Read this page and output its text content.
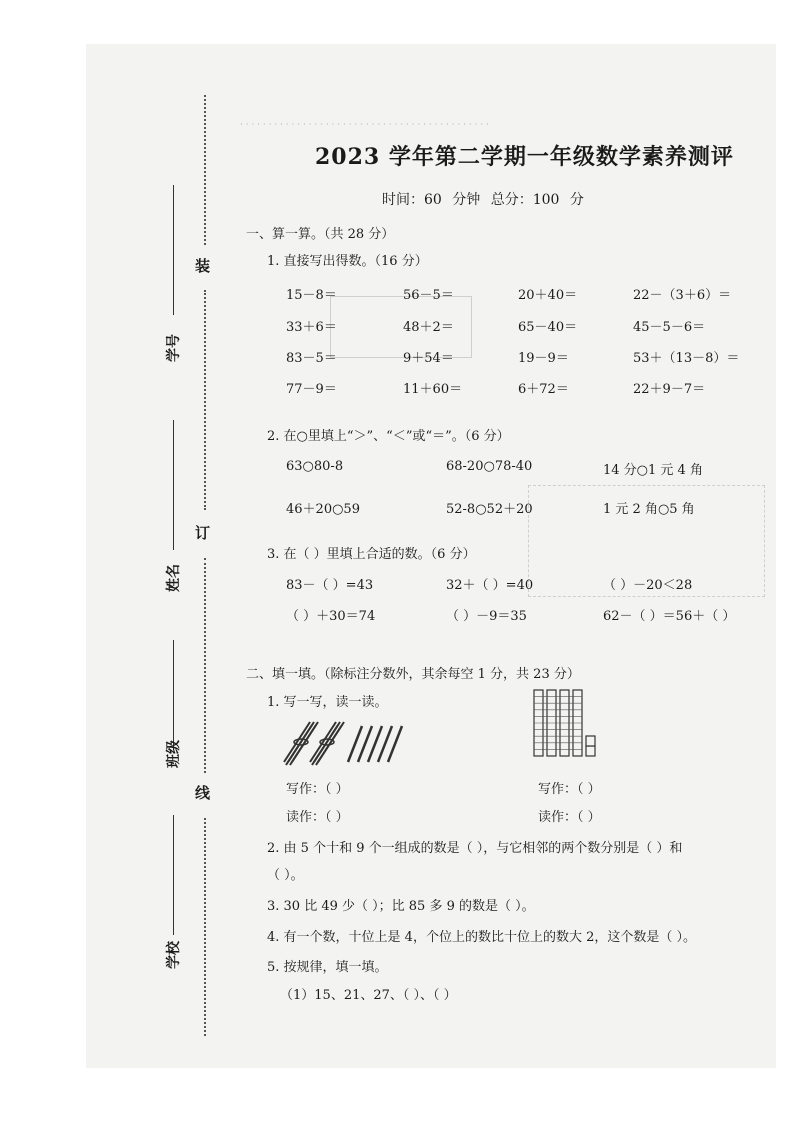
· · · · · · · · · · · · · · · · · · · · · · · · · · · · · · · · · · · · · · · · · · · ·
装
订
线
学号
姓名
班级
学校
2023 学年第二学期一年级数学素养测评
时间：60 分钟 总分：100 分
一、算一算。（共 28 分）
1. 直接写出得数。（16 分）
15－8＝	56－5＝	20＋40＝	22－（3＋6）＝
33＋6＝	48＋2＝	65－40＝	45－5－6＝
83－5＝	9＋54＝	19－9＝	53＋（13－8）＝
77－9＝	11＋60＝	6＋72＝	22＋9－7＝
2. 在○里填上“＞”、“＜”或“＝”。（6 分）
63○80-8	68-20○78-40	14 分○1 元 4 角
46＋20○59	52-8○52＋20	1 元 2 角○5 角
3. 在（ ）里填上合适的数。（6 分）
83－（ ）=43	32＋（ ）=40	（ ）－20＜28
（ ）＋30＝74	（ ）－9＝35	62－（ ）＝56＋（ ）
二、填一填。（除标注分数外，其余每空 1 分，共 23 分）
1. 写一写，读一读。
写作：（ ）
读作：（ ）
写作：（ ）
读作：（ ）
2. 由 5 个十和 9 个一组成的数是（ ），与它相邻的两个数分别是（ ）和
（ ）。
3. 30 比 49 少（ ）；比 85 多 9 的数是（ ）。
4. 有一个数，十位上是 4，个位上的数比十位上的数大 2，这个数是（ ）。
5. 按规律，填一填。
（1）15、21、27、（ ）、（ ）
